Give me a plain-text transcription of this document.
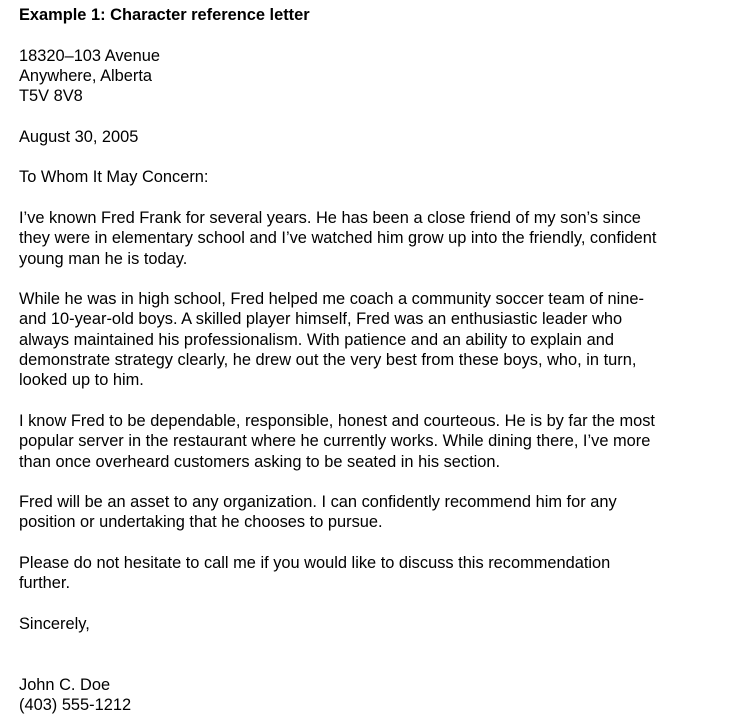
Example 1: Character reference letter
18320–103 Avenue
Anywhere, Alberta
T5V 8V8
August 30, 2005
To Whom It May Concern:
I’ve known Fred Frank for several years. He has been a close friend of my son’s since
they were in elementary school and I’ve watched him grow up into the friendly, confident
young man he is today.
While he was in high school, Fred helped me coach a community soccer team of nine-
and 10-year-old boys. A skilled player himself, Fred was an enthusiastic leader who
always maintained his professionalism. With patience and an ability to explain and
demonstrate strategy clearly, he drew out the very best from these boys, who, in turn,
looked up to him.
I know Fred to be dependable, responsible, honest and courteous. He is by far the most
popular server in the restaurant where he currently works. While dining there, I’ve more
than once overheard customers asking to be seated in his section.
Fred will be an asset to any organization. I can confidently recommend him for any
position or undertaking that he chooses to pursue.
Please do not hesitate to call me if you would like to discuss this recommendation
further.
Sincerely,
John C. Doe
(403) 555-1212
